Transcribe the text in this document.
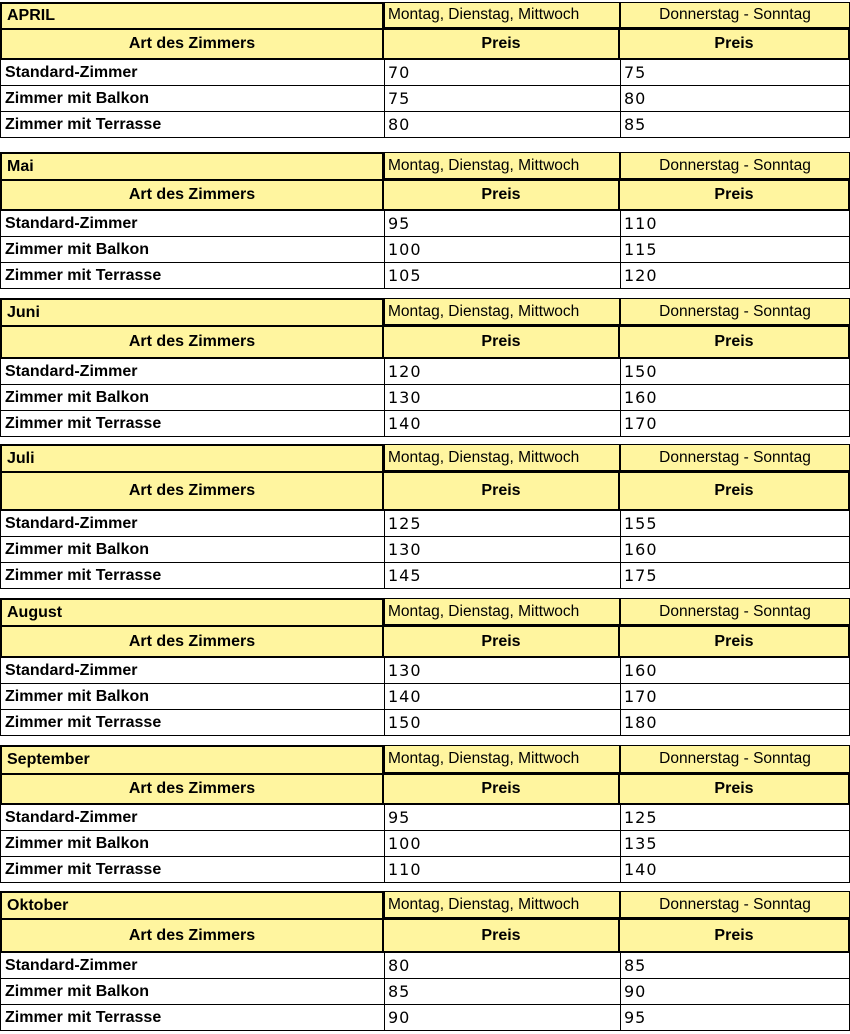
APRIL	Montag, Dienstag, Mittwoch	Donnerstag - Sonntag
Art des Zimmers	Preis	Preis
Standard-Zimmer	70	75
Zimmer mit Balkon	75	80
Zimmer mit Terrasse	80	85
Mai	Montag, Dienstag, Mittwoch	Donnerstag - Sonntag
Art des Zimmers	Preis	Preis
Standard-Zimmer	95	110
Zimmer mit Balkon	100	115
Zimmer mit Terrasse	105	120
Juni	Montag, Dienstag, Mittwoch	Donnerstag - Sonntag
Art des Zimmers	Preis	Preis
Standard-Zimmer	120	150
Zimmer mit Balkon	130	160
Zimmer mit Terrasse	140	170
Juli	Montag, Dienstag, Mittwoch	Donnerstag - Sonntag
Art des Zimmers	Preis	Preis
Standard-Zimmer	125	155
Zimmer mit Balkon	130	160
Zimmer mit Terrasse	145	175
August	Montag, Dienstag, Mittwoch	Donnerstag - Sonntag
Art des Zimmers	Preis	Preis
Standard-Zimmer	130	160
Zimmer mit Balkon	140	170
Zimmer mit Terrasse	150	180
September	Montag, Dienstag, Mittwoch	Donnerstag - Sonntag
Art des Zimmers	Preis	Preis
Standard-Zimmer	95	125
Zimmer mit Balkon	100	135
Zimmer mit Terrasse	110	140
Oktober	Montag, Dienstag, Mittwoch	Donnerstag - Sonntag
Art des Zimmers	Preis	Preis
Standard-Zimmer	80	85
Zimmer mit Balkon	85	90
Zimmer mit Terrasse	90	95
